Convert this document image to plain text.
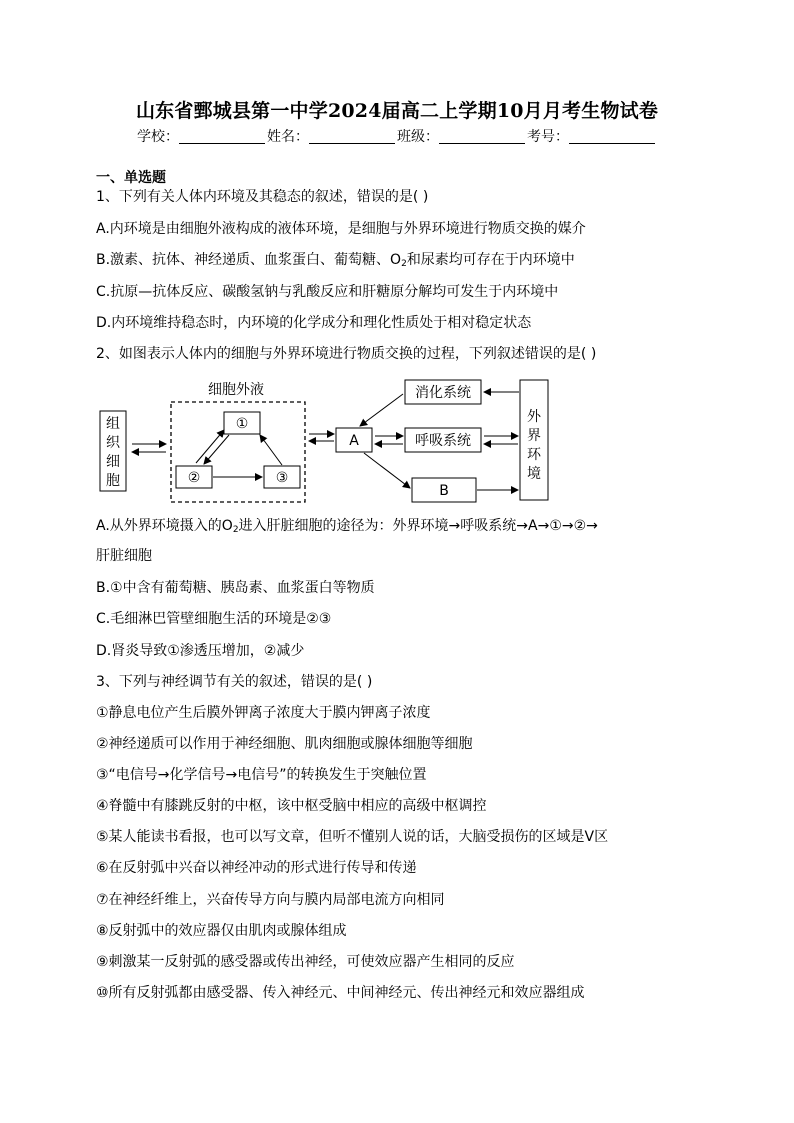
山东省鄄城县第一中学2024届高二上学期10月月考生物试卷
学校：	姓名：	班级：	考号：
一、单选题
1、下列有关人体内环境及其稳态的叙述，错误的是( )
A.内环境是由细胞外液构成的液体环境，是细胞与外界环境进行物质交换的媒介
B.激素、抗体、神经递质、血浆蛋白、葡萄糖、$O_2$和尿素均可存在于内环境中
C.抗原—抗体反应、碳酸氢钠与乳酸反应和肝糖原分解均可发生于内环境中
D.内环境维持稳态时，内环境的化学成分和理化性质处于相对稳定状态
2、如图表示人体内的细胞与外界环境进行物质交换的过程，下列叙述错误的是( )
细胞外液
组
织
细
胞
①
②	③
A
消化系统
呼吸系统
B
外
界
环
境
A.从外界环境摄入的$O_2$进入肝脏细胞的途径为：外界环境→呼吸系统→A→①→②→
肝脏细胞
B.①中含有葡萄糖、胰岛素、血浆蛋白等物质
C.毛细淋巴管壁细胞生活的环境是②③
D.肾炎导致①渗透压增加，②减少
3、下列与神经调节有关的叙述，错误的是( )
①静息电位产生后膜外钾离子浓度大于膜内钾离子浓度
②神经递质可以作用于神经细胞、肌肉细胞或腺体细胞等细胞
③“电信号→化学信号→电信号”的转换发生于突触位置
④脊髓中有膝跳反射的中枢，该中枢受脑中相应的高级中枢调控
⑤某人能读书看报，也可以写文章，但听不懂别人说的话，大脑受损伤的区域是V区
⑥在反射弧中兴奋以神经冲动的形式进行传导和传递
⑦在神经纤维上，兴奋传导方向与膜内局部电流方向相同
⑧反射弧中的效应器仅由肌肉或腺体组成
⑨刺激某一反射弧的感受器或传出神经，可使效应器产生相同的反应
⑩所有反射弧都由感受器、传入神经元、中间神经元、传出神经元和效应器组成
